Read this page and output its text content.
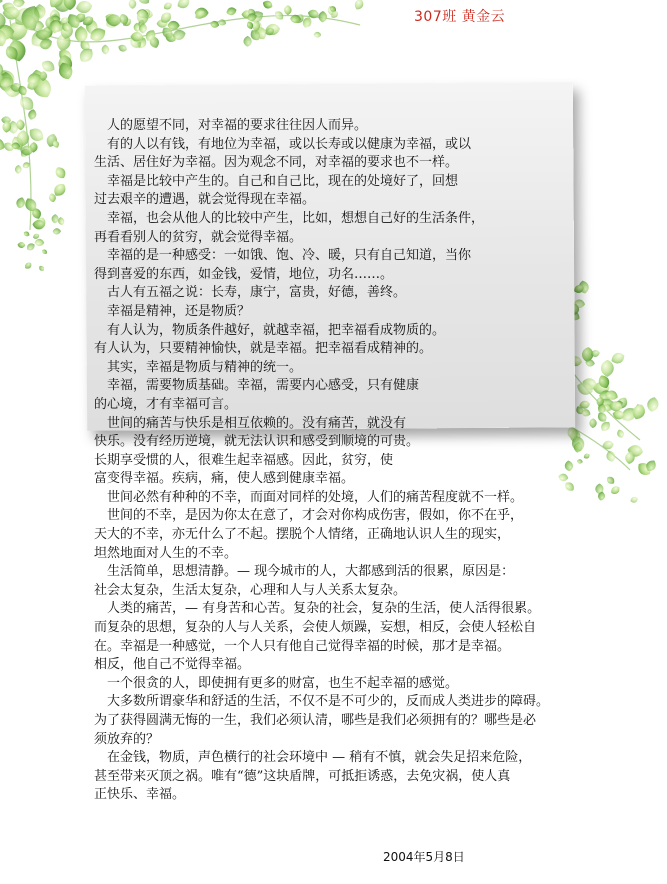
307班 黄金云
　人的愿望不同，对幸福的要求往往因人而异。
　有的人以有钱，有地位为幸福，或以长寿或以健康为幸福，或以
生活、居住好为幸福。因为观念不同，对幸福的要求也不一样。
　幸福是比较中产生的。自己和自己比，现在的处境好了，回想
过去艰辛的遭遇，就会觉得现在幸福。
　幸福，也会从他人的比较中产生，比如，想想自己好的生活条件，
再看看别人的贫穷，就会觉得幸福。
　幸福的是一种感受：一如饿、饱、冷、暖，只有自己知道，当你
得到喜爱的东西，如金钱，爱情，地位，功名……。
　古人有五福之说：长寿，康宁，富贵，好德，善终。
　幸福是精神，还是物质？
　有人认为，物质条件越好，就越幸福，把幸福看成物质的。
有人认为，只要精神愉快，就是幸福。把幸福看成精神的。
　其实，幸福是物质与精神的统一。
　幸福，需要物质基础。幸福，需要内心感受，只有健康
的心境，才有幸福可言。
　世间的痛苦与快乐是相互依赖的。没有痛苦，就没有
快乐。没有经历逆境，就无法认识和感受到顺境的可贵。
长期享受惯的人，很难生起幸福感。因此，贫穷，使
富变得幸福。疾病，痛，使人感到健康幸福。
　世间必然有种种的不幸，而面对同样的处境，人们的痛苦程度就不一样。
　世间的不幸，是因为你太在意了，才会对你构成伤害，假如，你不在乎，
天大的不幸，亦无什么了不起。摆脱个人情绪，正确地认识人生的现实，
坦然地面对人生的不幸。
　生活简单，思想清静。— 现今城市的人，大都感到活的很累，原因是：
社会太复杂，生活太复杂，心理和人与人关系太复杂。
　人类的痛苦，— 有身苦和心苦。复杂的社会，复杂的生活，使人活得很累。
而复杂的思想，复杂的人与人关系，会使人烦躁，妄想，相反，会使人轻松自
在。幸福是一种感觉，一个人只有他自己觉得幸福的时候，那才是幸福。
相反，他自己不觉得幸福。
　一个很贪的人，即使拥有更多的财富，也生不起幸福的感觉。
　大多数所谓豪华和舒适的生活，不仅不是不可少的，反而成人类进步的障碍。
为了获得圆满无悔的一生，我们必须认清，哪些是我们必须拥有的？哪些是必
须放弃的？
　在金钱，物质，声色横行的社会环境中 — 稍有不慎，就会失足招来危险，
甚至带来灭顶之祸。唯有“德”这块盾牌，可抵拒诱惑，去免灾祸，使人真
正快乐、幸福。
2004年5月8日
